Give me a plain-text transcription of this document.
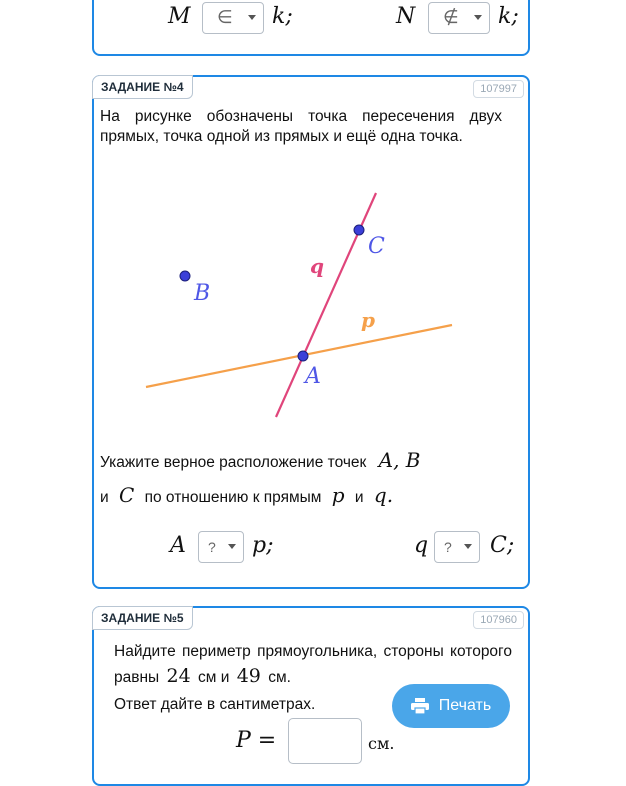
M ∈ k;	N ∉ k;
ЗАДАНИЕ №4	107997
На рисунке обозначены точка пересечения двух прямых, точка одной из прямых и ещё одна точка.
q
C
B
p
A
Укажите верное расположение точек A, B
и C по отношению к прямым p и q.
A ? p;	q ? C;
ЗАДАНИЕ №5	107960
Найдите периметр прямоугольника, стороны которого равны 24 см и 49 см.
Ответ дайте в сантиметрах.	Печать
P =	см.
